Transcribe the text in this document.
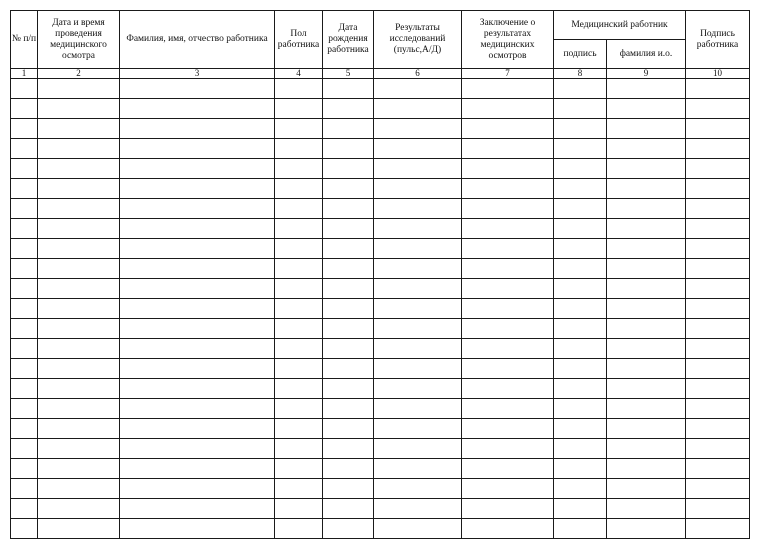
№ п/п	Дата и время проведения медицинского осмотра	Фамилия, имя, отчество работника	Пол работника	Дата рождения работника	Результаты исследований (пульс,А/Д)	Заключение о результатах медицинских осмотров	Медицинский работник		Подпись работника
							подпись	фамилия и.о.	
1	2	3	4	5	6	7	8	9	10
